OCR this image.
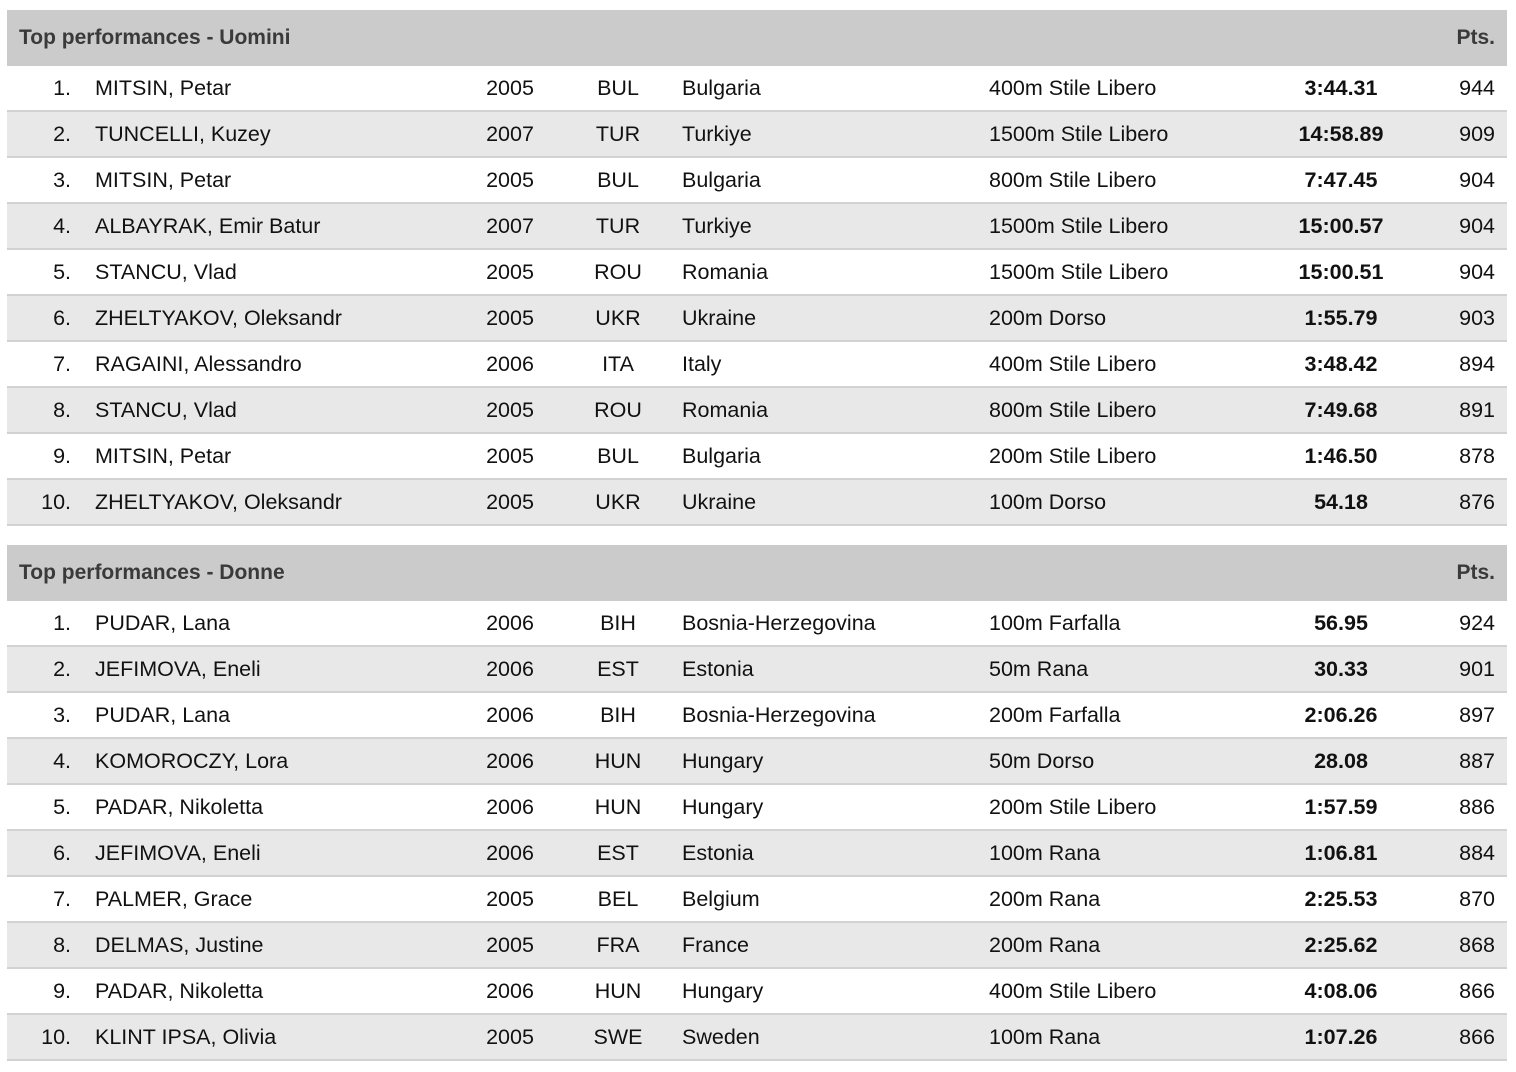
Top performances - Uomini	Pts.
1. MITSIN, Petar	2005	BUL	Bulgaria	400m Stile Libero	3:44.31	944
2. TUNCELLI, Kuzey	2007	TUR	Turkiye	1500m Stile Libero	14:58.89	909
3. MITSIN, Petar	2005	BUL	Bulgaria	800m Stile Libero	7:47.45	904
4. ALBAYRAK, Emir Batur	2007	TUR	Turkiye	1500m Stile Libero	15:00.57	904
5. STANCU, Vlad	2005	ROU	Romania	1500m Stile Libero	15:00.51	904
6. ZHELTYAKOV, Oleksandr	2005	UKR	Ukraine	200m Dorso	1:55.79	903
7. RAGAINI, Alessandro	2006	ITA	Italy	400m Stile Libero	3:48.42	894
8. STANCU, Vlad	2005	ROU	Romania	800m Stile Libero	7:49.68	891
9. MITSIN, Petar	2005	BUL	Bulgaria	200m Stile Libero	1:46.50	878
10. ZHELTYAKOV, Oleksandr	2005	UKR	Ukraine	100m Dorso	54.18	876
Top performances - Donne	Pts.
1. PUDAR, Lana	2006	BIH	Bosnia-Herzegovina	100m Farfalla	56.95	924
2. JEFIMOVA, Eneli	2006	EST	Estonia	50m Rana	30.33	901
3. PUDAR, Lana	2006	BIH	Bosnia-Herzegovina	200m Farfalla	2:06.26	897
4. KOMOROCZY, Lora	2006	HUN	Hungary	50m Dorso	28.08	887
5. PADAR, Nikoletta	2006	HUN	Hungary	200m Stile Libero	1:57.59	886
6. JEFIMOVA, Eneli	2006	EST	Estonia	100m Rana	1:06.81	884
7. PALMER, Grace	2005	BEL	Belgium	200m Rana	2:25.53	870
8. DELMAS, Justine	2005	FRA	France	200m Rana	2:25.62	868
9. PADAR, Nikoletta	2006	HUN	Hungary	400m Stile Libero	4:08.06	866
10. KLINT IPSA, Olivia	2005	SWE	Sweden	100m Rana	1:07.26	866
